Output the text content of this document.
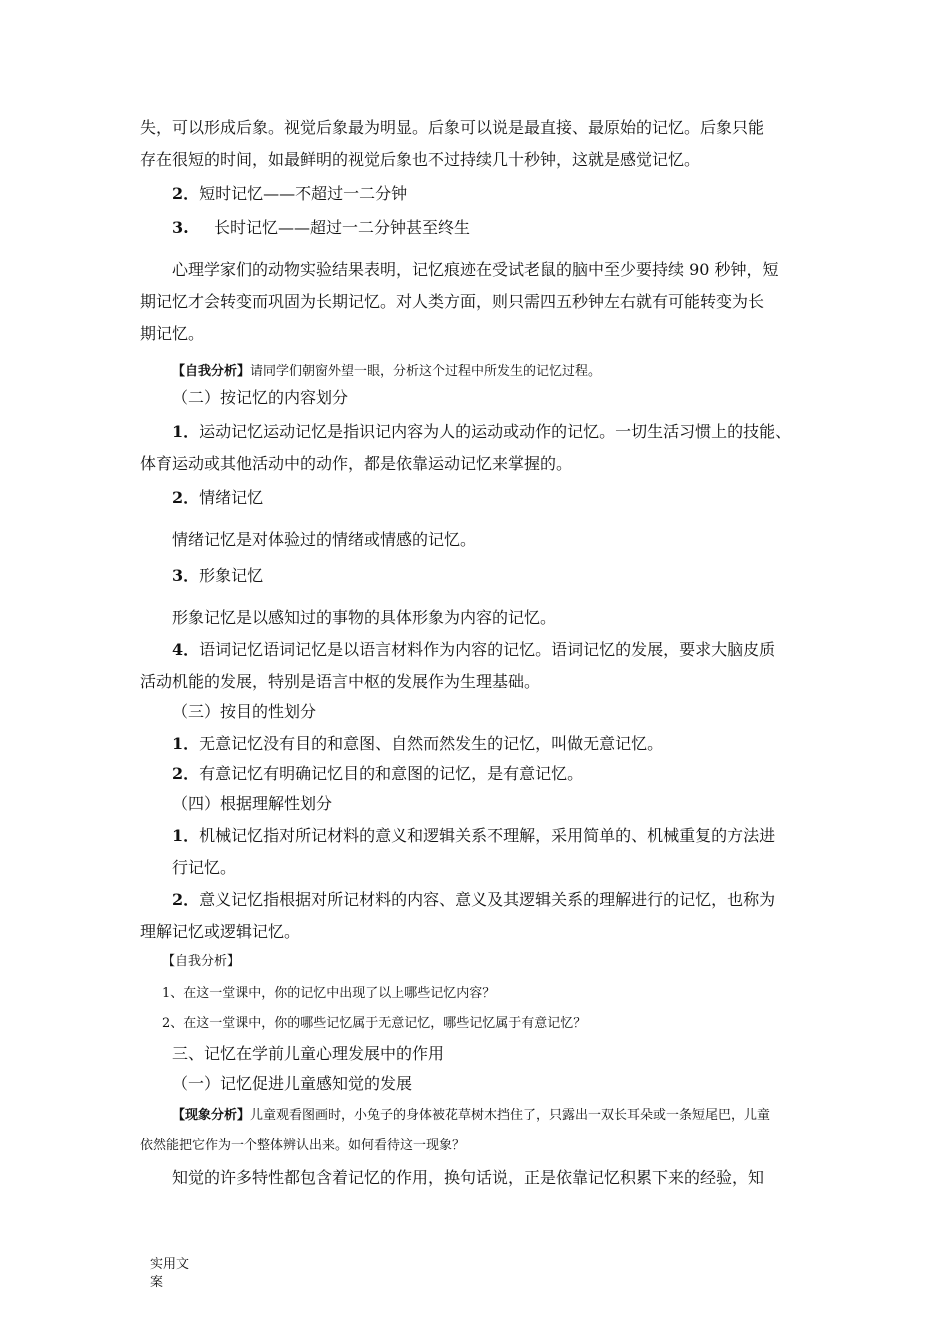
失，可以形成后象。视觉后象最为明显。后象可以说是最直接、最原始的记忆。后象只能

存在很短的时间，如最鲜明的视觉后象也不过持续几十秒钟，这就是感觉记忆。

2．短时记忆——不超过一二分钟

3. 长时记忆——超过一二分钟甚至终生

心理学家们的动物实验结果表明，记忆痕迹在受试老鼠的脑中至少要持续 90 秒钟，短

期记忆才会转变而巩固为长期记忆。对人类方面，则只需四五秒钟左右就有可能转变为长

期记忆。

【自我分析】请同学们朝窗外望一眼，分析这个过程中所发生的记忆过程。

（二）按记忆的内容划分

1．运动记忆运动记忆是指识记内容为人的运动或动作的记忆。一切生活习惯上的技能、

体育运动或其他活动中的动作，都是依靠运动记忆来掌握的。

2．情绪记忆

情绪记忆是对体验过的情绪或情感的记忆。

3．形象记忆

形象记忆是以感知过的事物的具体形象为内容的记忆。

4．语词记忆语词记忆是以语言材料作为内容的记忆。语词记忆的发展，要求大脑皮质

活动机能的发展，特别是语言中枢的发展作为生理基础。

（三）按目的性划分

1．无意记忆没有目的和意图、自然而然发生的记忆，叫做无意记忆。

2．有意记忆有明确记忆目的和意图的记忆，是有意记忆。

（四）根据理解性划分

1．机械记忆指对所记材料的意义和逻辑关系不理解，采用简单的、机械重复的方法进

行记忆。

2．意义记忆指根据对所记材料的内容、意义及其逻辑关系的理解进行的记忆，也称为

理解记忆或逻辑记忆。

【自我分析】

1、在这一堂课中，你的记忆中出现了以上哪些记忆内容？

2、在这一堂课中，你的哪些记忆属于无意记忆，哪些记忆属于有意记忆？

三、记忆在学前儿童心理发展中的作用

（一）记忆促进儿童感知觉的发展

【现象分析】儿童观看图画时，小兔子的身体被花草树木挡住了，只露出一双长耳朵或一条短尾巴，儿童

依然能把它作为一个整体辨认出来。如何看待这一现象？

知觉的许多特性都包含着记忆的作用，换句话说，正是依靠记忆积累下来的经验，知

实用文案
